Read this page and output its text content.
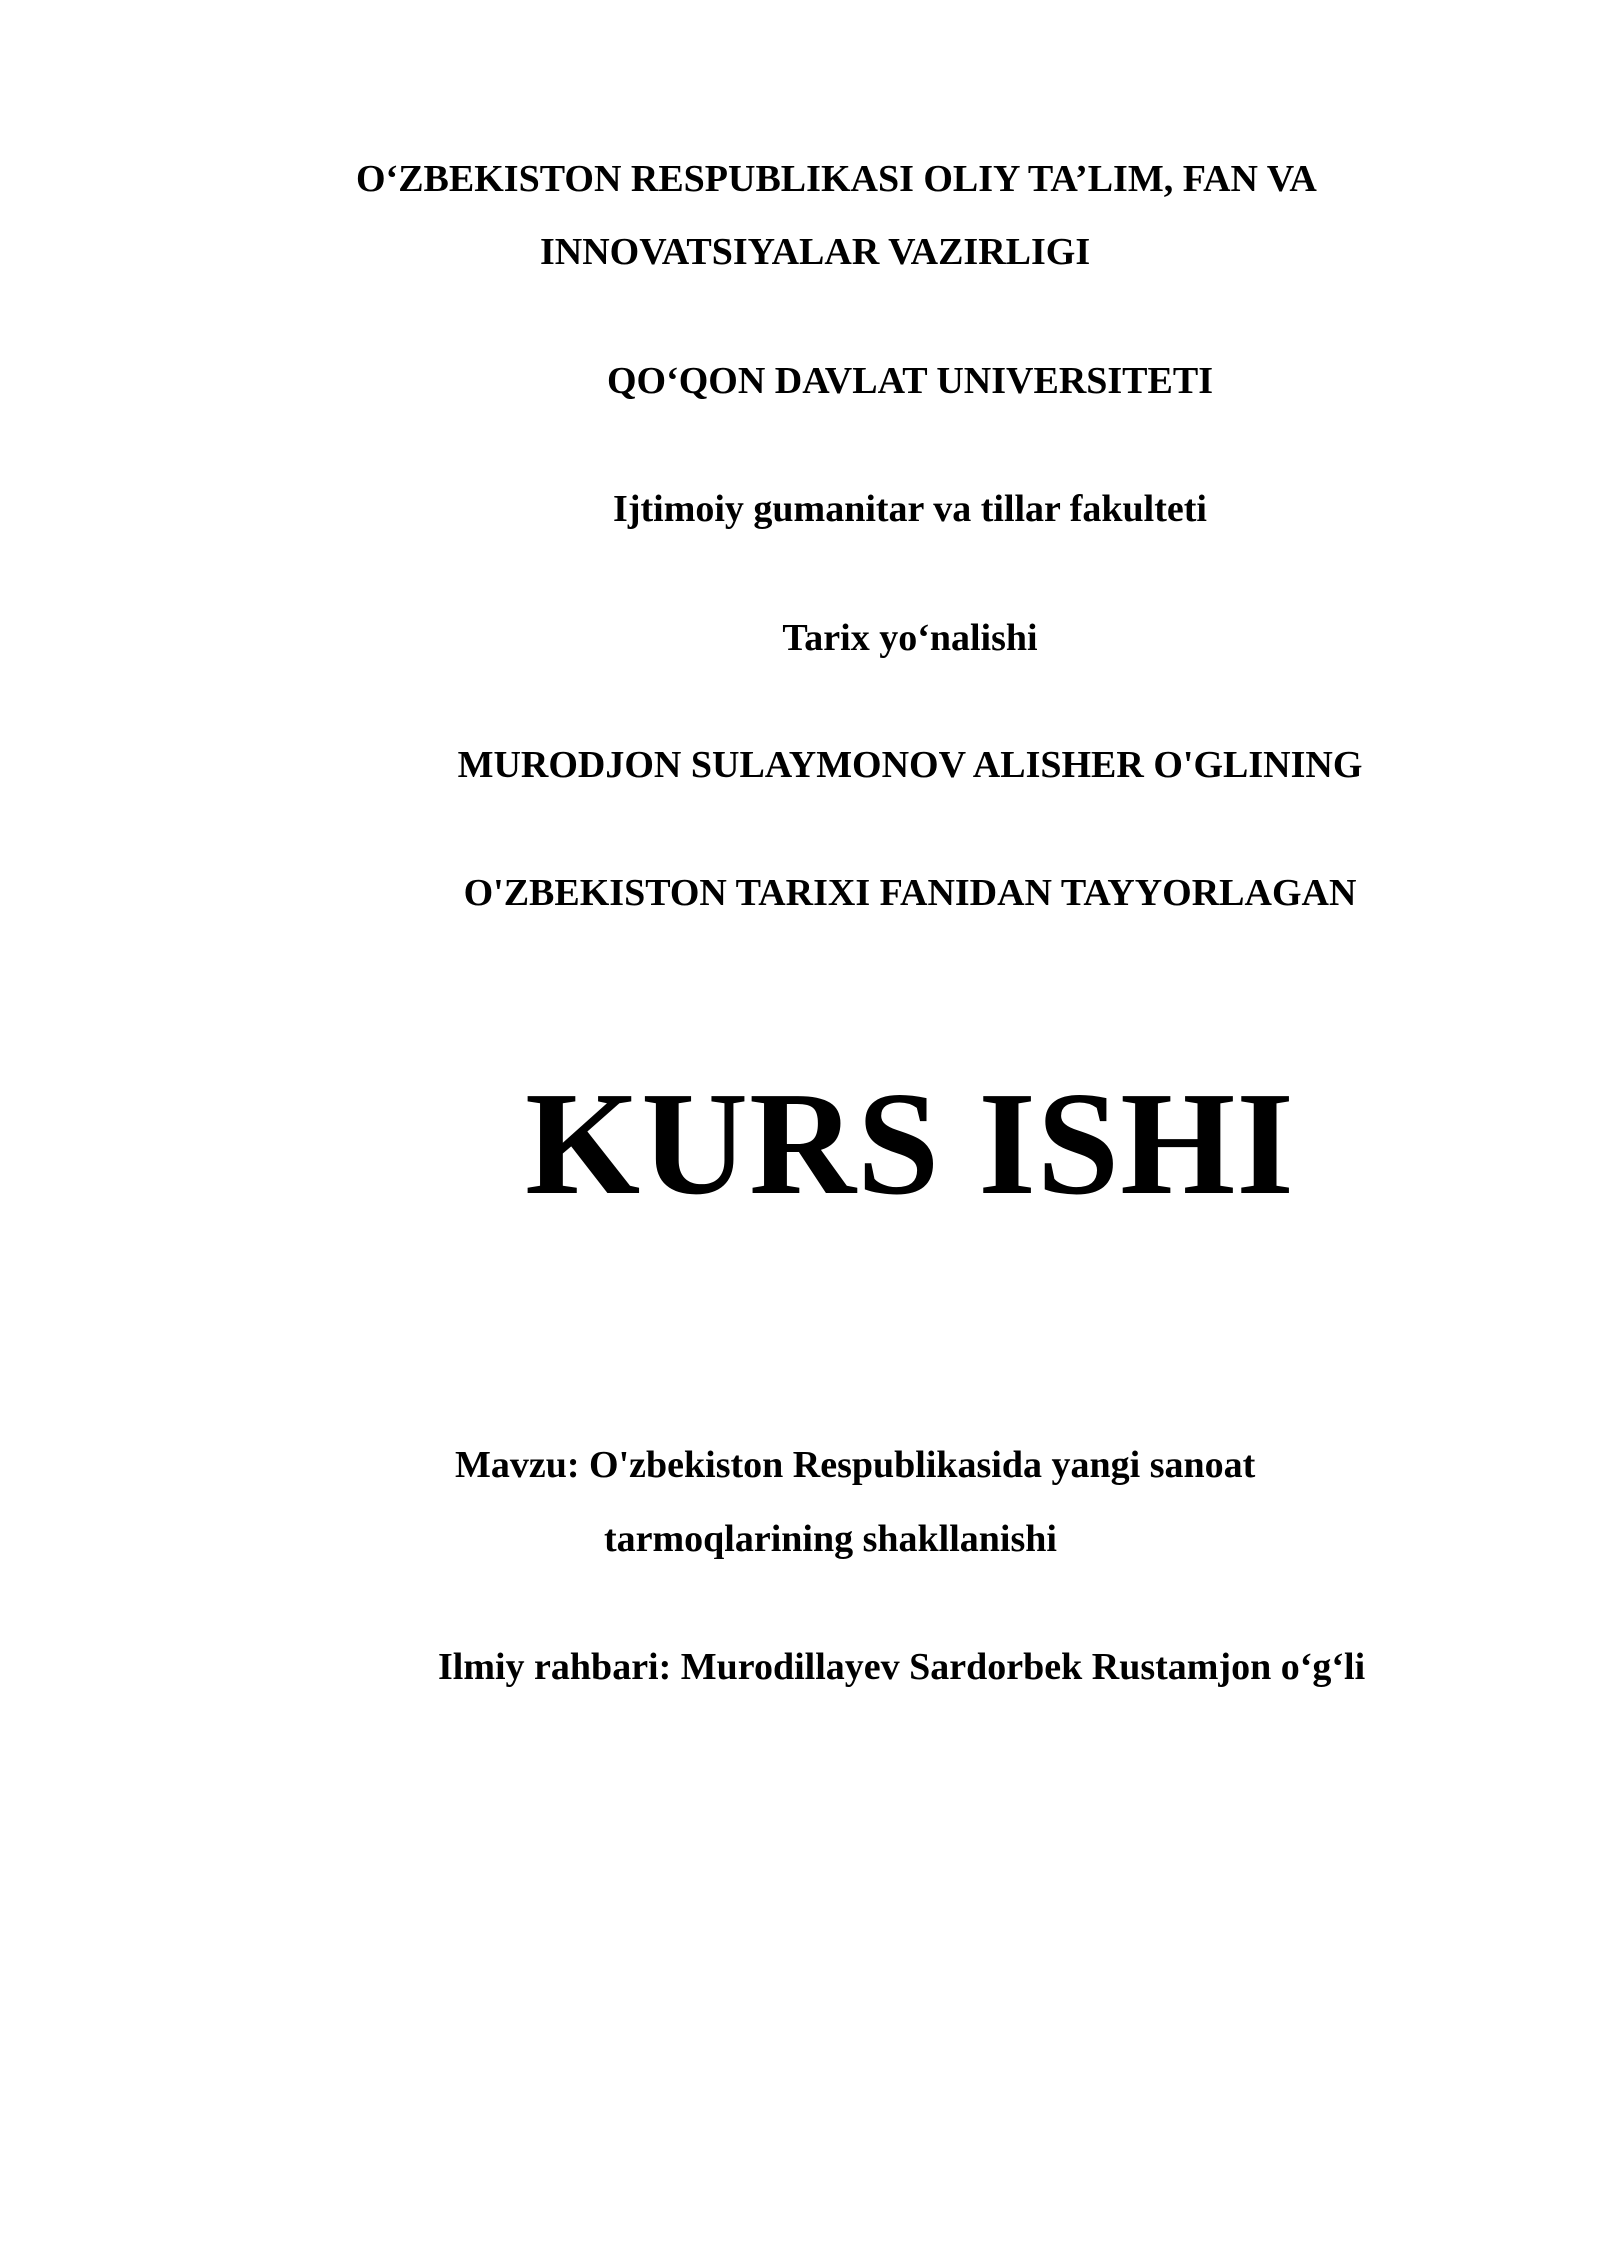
O‘ZBEKISTON RESPUBLIKASI OLIY TA’LIM, FAN VA
INNOVATSIYALAR VAZIRLIGI
QO‘QON DAVLAT UNIVERSITETI
Ijtimoiy gumanitar va tillar fakulteti
Tarix yo‘nalishi
MURODJON SULAYMONOV ALISHER O'GLINING
O'ZBEKISTON TARIXI FANIDAN TAYYORLAGAN
KURS ISHI
Mavzu: O'zbekiston Respublikasida yangi sanoat
tarmoqlarining shakllanishi
Ilmiy rahbari: Murodillayev Sardorbek Rustamjon o‘g‘li
